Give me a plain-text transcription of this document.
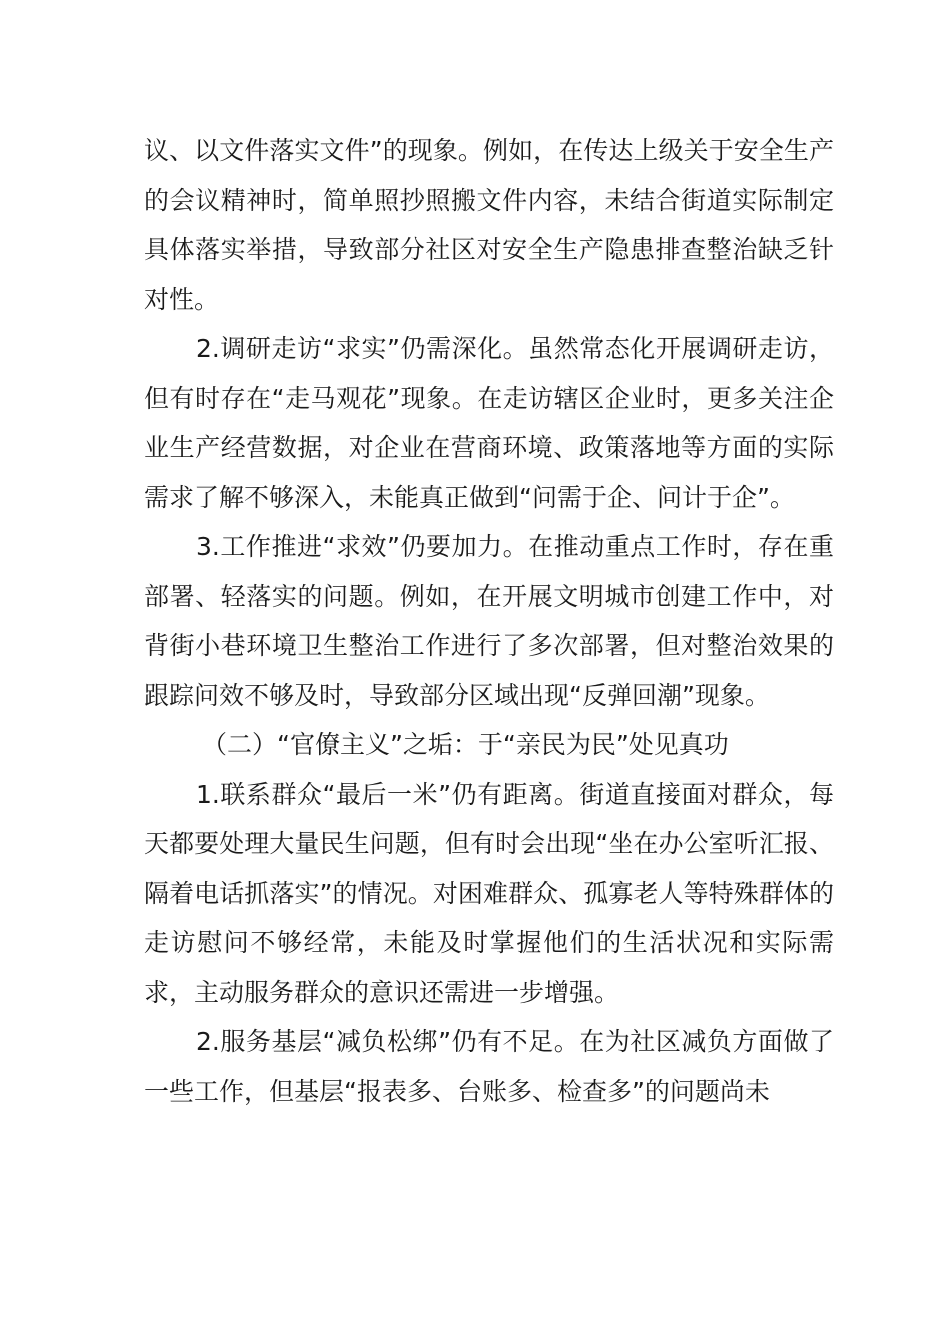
议、以文件落实文件”的现象。例如，在传达上级关于安全生产的会议精神时，简单照抄照搬文件内容，未结合街道实际制定具体落实举措，导致部分社区对安全生产隐患排查整治缺乏针对性。

2.调研走访“求实”仍需深化。虽然常态化开展调研走访，但有时存在“走马观花”现象。在走访辖区企业时，更多关注企业生产经营数据，对企业在营商环境、政策落地等方面的实际需求了解不够深入，未能真正做到“问需于企、问计于企”。

3.工作推进“求效”仍要加力。在推动重点工作时，存在重部署、轻落实的问题。例如，在开展文明城市创建工作中，对背街小巷环境卫生整治工作进行了多次部署，但对整治效果的跟踪问效不够及时，导致部分区域出现“反弹回潮”现象。

（二）“官僚主义”之垢：于“亲民为民”处见真功

1.联系群众“最后一米”仍有距离。街道直接面对群众，每天都要处理大量民生问题，但有时会出现“坐在办公室听汇报、隔着电话抓落实”的情况。对困难群众、孤寡老人等特殊群体的走访慰问不够经常，未能及时掌握他们的生活状况和实际需求，主动服务群众的意识还需进一步增强。

2.服务基层“减负松绑”仍有不足。在为社区减负方面做了一些工作，但基层“报表多、台账多、检查多”的问题尚未
